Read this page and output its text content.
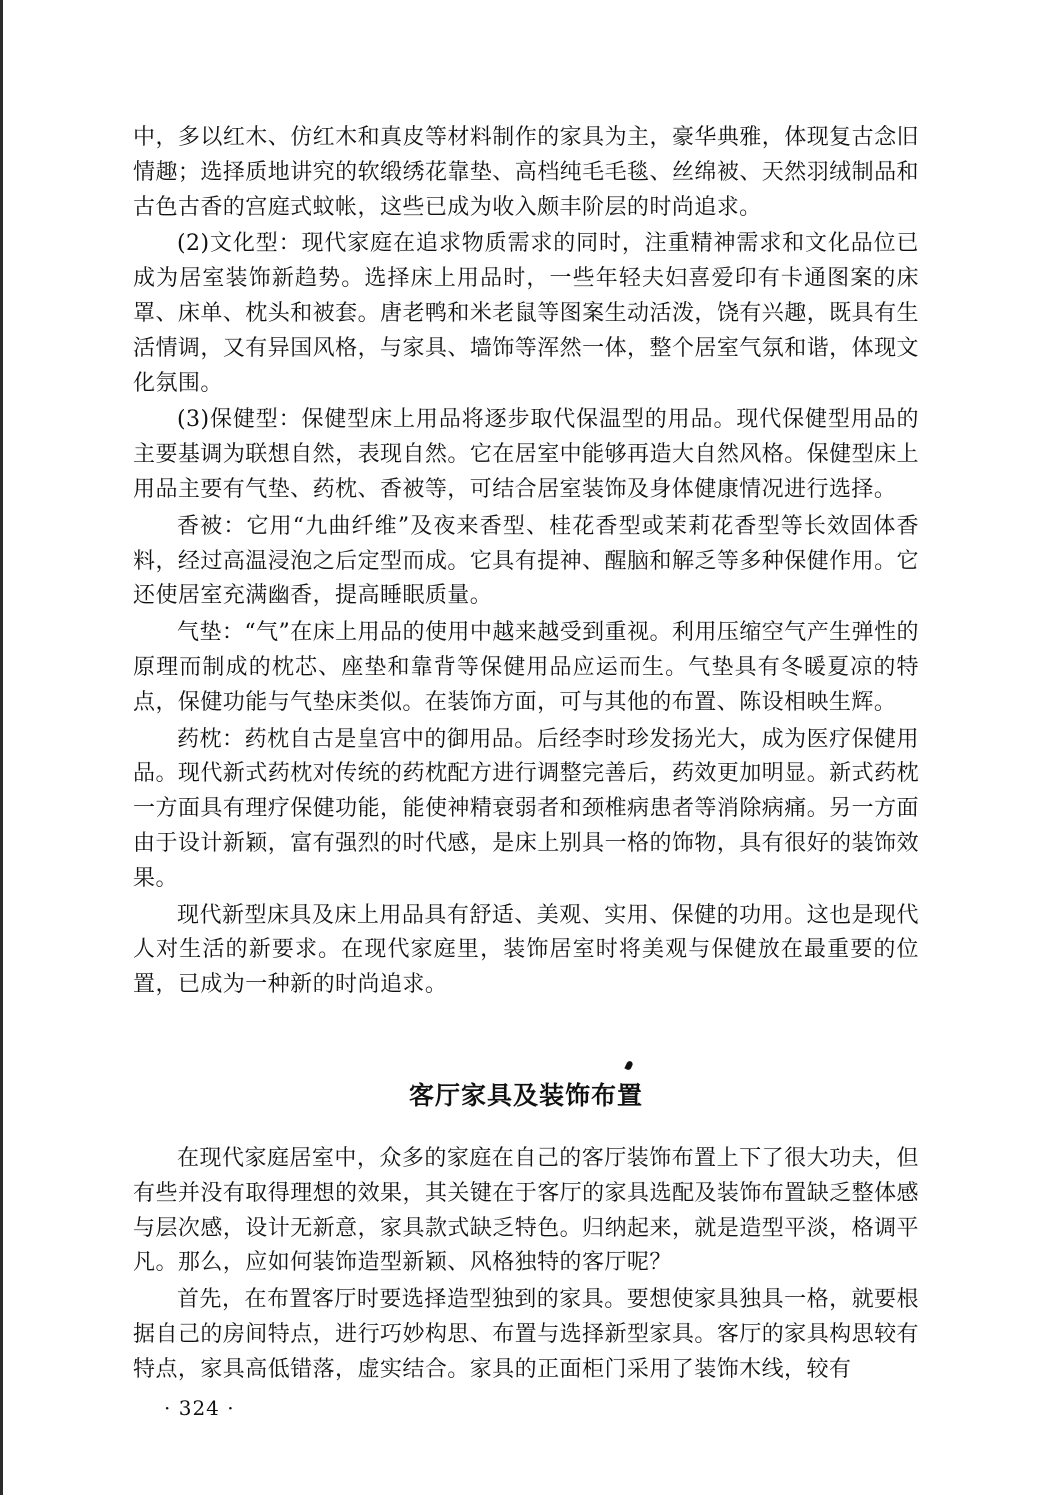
中，多以红木、仿红木和真皮等材料制作的家具为主，豪华典雅，体现复古念旧情趣；选择质地讲究的软缎绣花靠垫、高档纯毛毛毯、丝绵被、天然羽绒制品和古色古香的宫庭式蚊帐，这些已成为收入颇丰阶层的时尚追求。

(2)文化型：现代家庭在追求物质需求的同时，注重精神需求和文化品位已成为居室装饰新趋势。选择床上用品时，一些年轻夫妇喜爱印有卡通图案的床罩、床单、枕头和被套。唐老鸭和米老鼠等图案生动活泼，饶有兴趣，既具有生活情调，又有异国风格，与家具、墙饰等浑然一体，整个居室气氛和谐，体现文化氛围。

(3)保健型：保健型床上用品将逐步取代保温型的用品。现代保健型用品的主要基调为联想自然，表现自然。它在居室中能够再造大自然风格。保健型床上用品主要有气垫、药枕、香被等，可结合居室装饰及身体健康情况进行选择。

香被：它用“九曲纤维”及夜来香型、桂花香型或茉莉花香型等长效固体香料，经过高温浸泡之后定型而成。它具有提神、醒脑和解乏等多种保健作用。它还使居室充满幽香，提高睡眠质量。

气垫：“气”在床上用品的使用中越来越受到重视。利用压缩空气产生弹性的原理而制成的枕芯、座垫和靠背等保健用品应运而生。气垫具有冬暖夏凉的特点，保健功能与气垫床类似。在装饰方面，可与其他的布置、陈设相映生辉。

药枕：药枕自古是皇宫中的御用品。后经李时珍发扬光大，成为医疗保健用品。现代新式药枕对传统的药枕配方进行调整完善后，药效更加明显。新式药枕一方面具有理疗保健功能，能使神精衰弱者和颈椎病患者等消除病痛。另一方面由于设计新颖，富有强烈的时代感，是床上别具一格的饰物，具有很好的装饰效果。

现代新型床具及床上用品具有舒适、美观、实用、保健的功用。这也是现代人对生活的新要求。在现代家庭里，装饰居室时将美观与保健放在最重要的位置，已成为一种新的时尚追求。

客厅家具及装饰布置

在现代家庭居室中，众多的家庭在自己的客厅装饰布置上下了很大功夫，但有些并没有取得理想的效果，其关键在于客厅的家具选配及装饰布置缺乏整体感与层次感，设计无新意，家具款式缺乏特色。归纳起来，就是造型平淡，格调平凡。那么，应如何装饰造型新颖、风格独特的客厅呢？

首先，在布置客厅时要选择造型独到的家具。要想使家具独具一格，就要根据自己的房间特点，进行巧妙构思、布置与选择新型家具。客厅的家具构思较有特点，家具高低错落，虚实结合。家具的正面柜门采用了装饰木线，较有

· 324 ·
